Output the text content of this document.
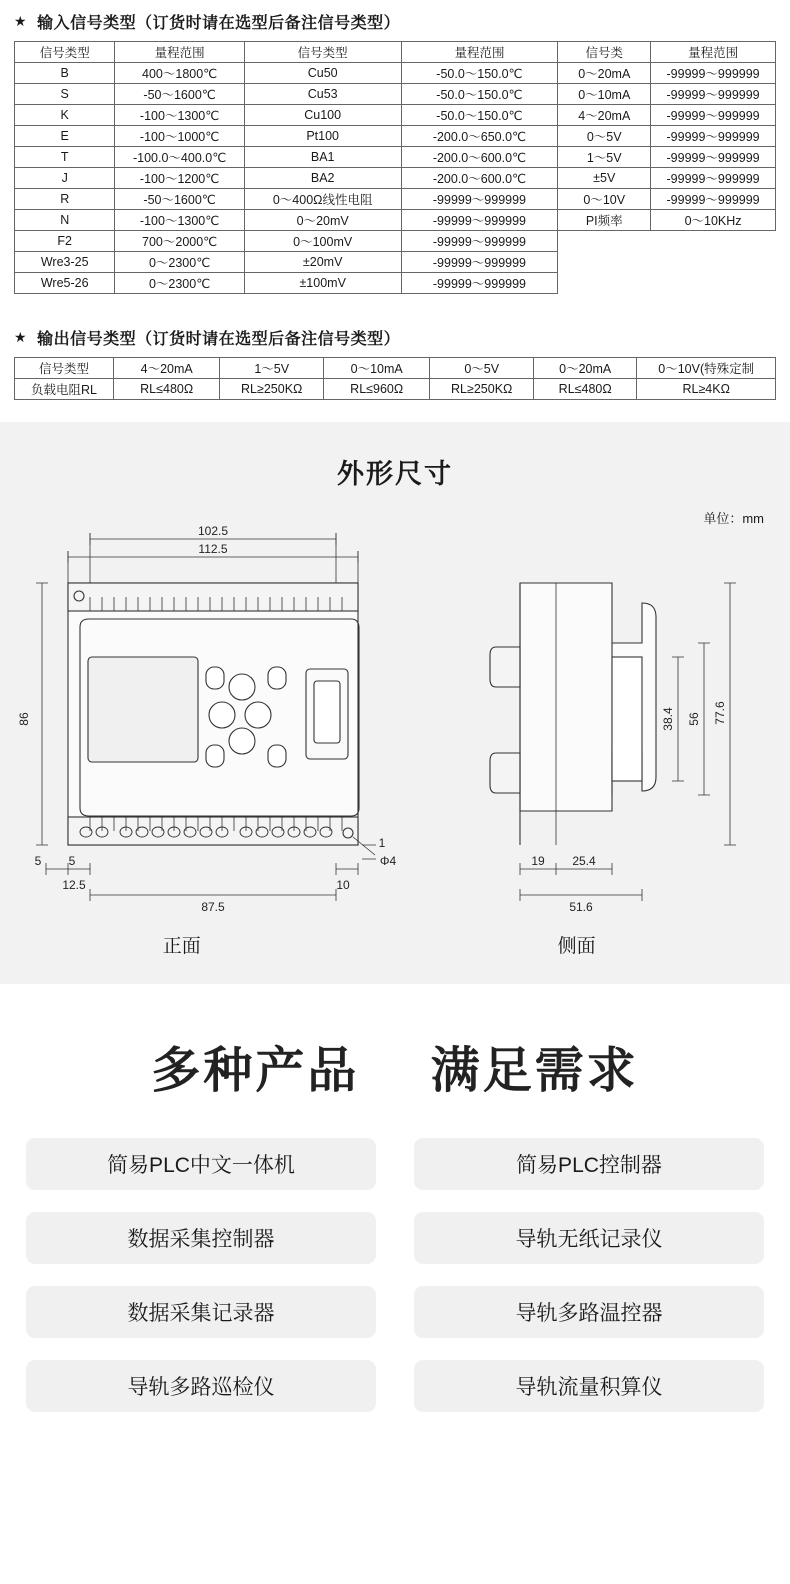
★ 输入信号类型（订货时请在选型后备注信号类型）
信号类型	量程范围	信号类型	量程范围	信号类	量程范围
B	400～1800℃	Cu50	-50.0～150.0℃	0～20mA	-99999～999999
S	-50～1600℃	Cu53	-50.0～150.0℃	0～10mA	-99999～999999
K	-100～1300℃	Cu100	-50.0～150.0℃	4～20mA	-99999～999999
E	-100～1000℃	Pt100	-200.0～650.0℃	0～5V	-99999～999999
T	-100.0～400.0℃	BA1	-200.0～600.0℃	1～5V	-99999～999999
J	-100～1200℃	BA2	-200.0～600.0℃	±5V	-99999～999999
R	-50～1600℃	0～400Ω线性电阻	-99999～999999	0～10V	-99999～999999
N	-100～1300℃	0～20mV	-99999～999999	PI频率	0～10KHz
F2	700～2000℃	0～100mV	-99999～999999		
Wre3-25	0～2300℃	±20mV	-99999～999999		
Wre5-26	0～2300℃	±100mV	-99999～999999		
★ 输出信号类型（订货时请在选型后备注信号类型）
信号类型	4～20mA	1～5V	0～10mA	0～5V	0～20mA	0～10V(特殊定制
负载电阻RL	RL≤480Ω	RL≥250KΩ	RL≤960Ω	RL≥250KΩ	RL≤480Ω	RL≥4KΩ
外形尺寸
单位：mm
102.5
112.5
87.5
5 5
12.5	10
Φ4
1
86	38.4 56 77.6
19 25.4
51.6
正面	侧面
多种产品 满足需求
简易PLC中文一体机	简易PLC控制器
数据采集控制器	导轨无纸记录仪
数据采集记录器	导轨多路温控器
导轨多路巡检仪	导轨流量积算仪
